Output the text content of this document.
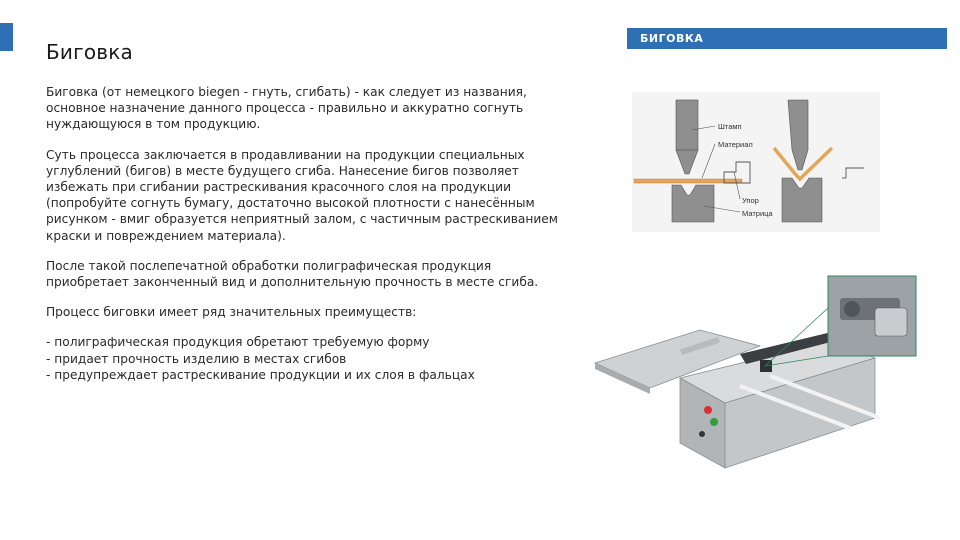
БИГОВКА
Биговка

Биговка (от немецкого biegen - гнуть, сгибать) - как следует из названия, основное назначение данного процесса - правильно и аккуратно согнуть нуждающуюся в том продукцию.

Суть процесса заключается в продавливании на продукции специальных углублений (бигов) в месте будущего сгиба. Нанесение бигов позволяет избежать при сгибании растрескивания красочного слоя на продукции (попробуйте согнуть бумагу, достаточно высокой плотности с нанесённым рисунком - вмиг образуется неприятный залом, с частичным растрескиванием краски и повреждением материала).

После такой послепечатной обработки полиграфическая продукция приобретает законченный вид и дополнительную прочность в месте сгиба.

Процесс биговки имеет ряд значительных преимуществ:

- полиграфическая продукция обретают требуемую форму
- придает прочность изделию в местах сгибов
- предупреждает растрескивание продукции и их слоя в фальцах
Штамп
Материал
Упор
Матрица
